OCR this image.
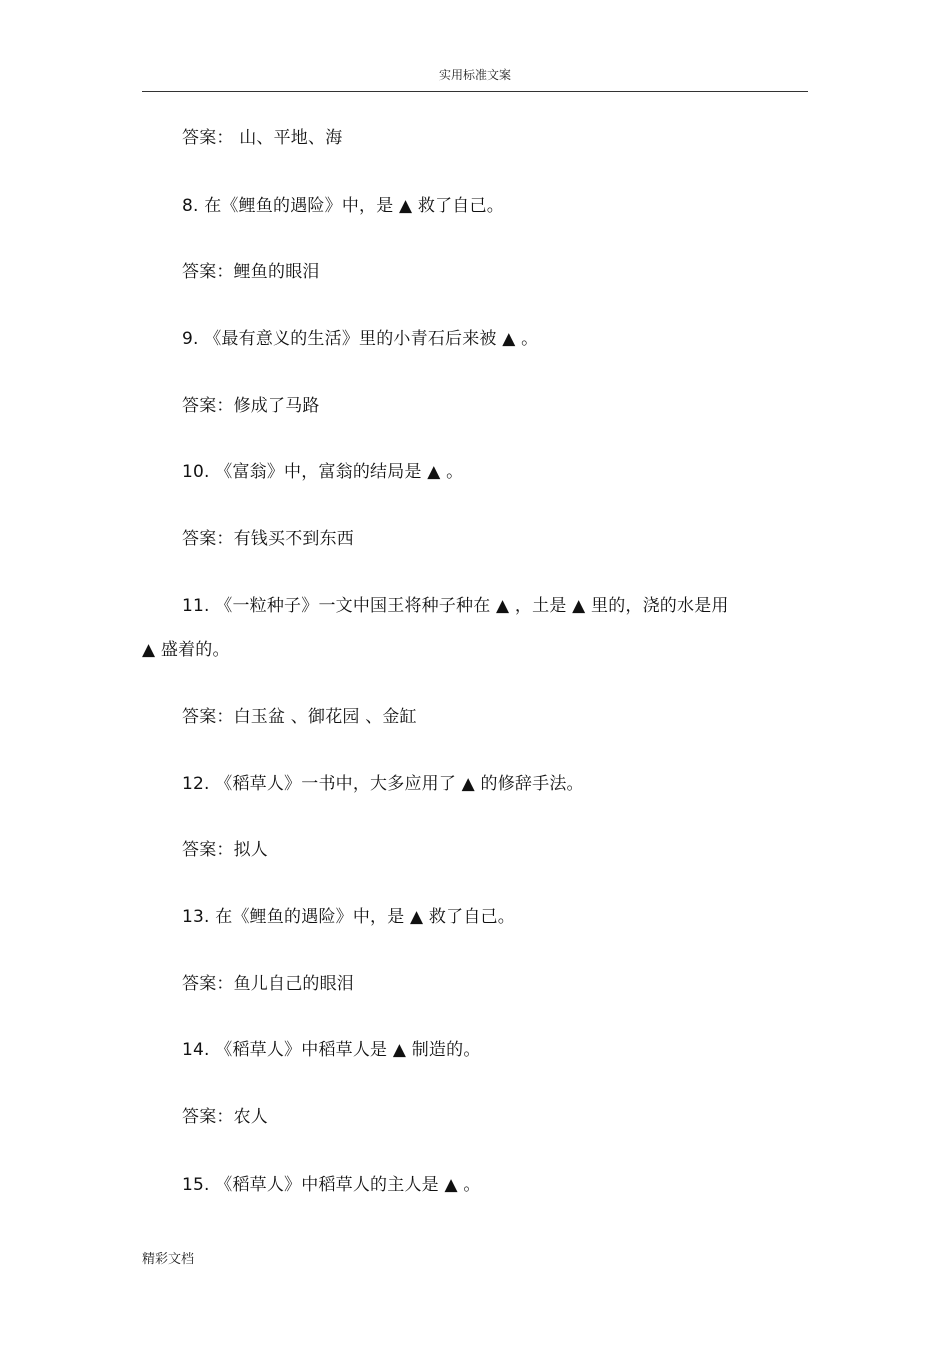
实用标准文案
答案： 山、平地、海
8. 在《鲤鱼的遇险》中，是 ▲ 救了自己。
答案：鲤鱼的眼泪
9. 《最有意义的生活》里的小青石后来被 ▲ 。
答案：修成了马路
10. 《富翁》中，富翁的结局是 ▲ 。
答案：有钱买不到东西
11. 《一粒种子》一文中国王将种子种在 ▲ ，土是 ▲ 里的，浇的水是用
▲ 盛着的。
答案：白玉盆 、御花园 、金缸
12. 《稻草人》一书中，大多应用了 ▲ 的修辞手法。
答案：拟人
13. 在《鲤鱼的遇险》中，是 ▲ 救了自己。
答案：鱼儿自己的眼泪
14. 《稻草人》中稻草人是 ▲ 制造的。
答案：农人
15. 《稻草人》中稻草人的主人是 ▲ 。
精彩文档
